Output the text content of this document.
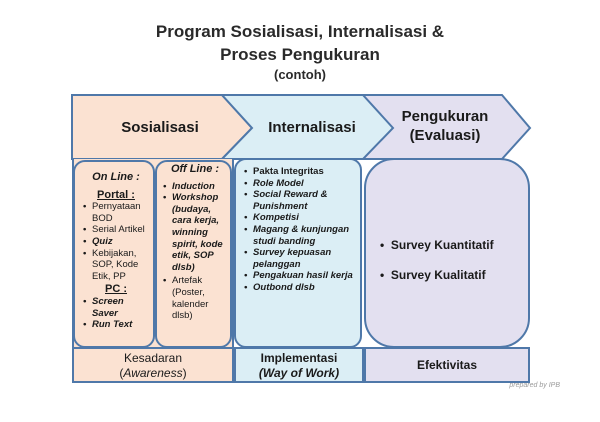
Program Sosialisasi, Internalisasi &
Proses Pengukuran
(contoh)
Sosialisasi	Internalisasi
Pengukuran
(Evaluasi)
On Line :
Portal :
• Pernyataan BOD
• Serial Artikel
• Quiz
• Kebijakan, SOP, Kode Etik, PP
PC :
• Screen Saver
• Run Text
Off Line :
• Induction
• Workshop (budaya, cara kerja, winning spirit, kode etik, SOP dlsb)
• Artefak (Poster, kalender dlsb)
• Pakta Integritas
• Role Model
• Social Reward & Punishment
• Kompetisi
• Magang & kunjungan studi banding
• Survey kepuasan pelanggan
• Pengakuan hasil kerja
• Outbond dlsb
•  Survey Kuantitatif
•  Survey Kualitatif
Kesadaran
(Awareness)
Implementasi
(Way of Work)
Efektivitas
prepared by IPB
